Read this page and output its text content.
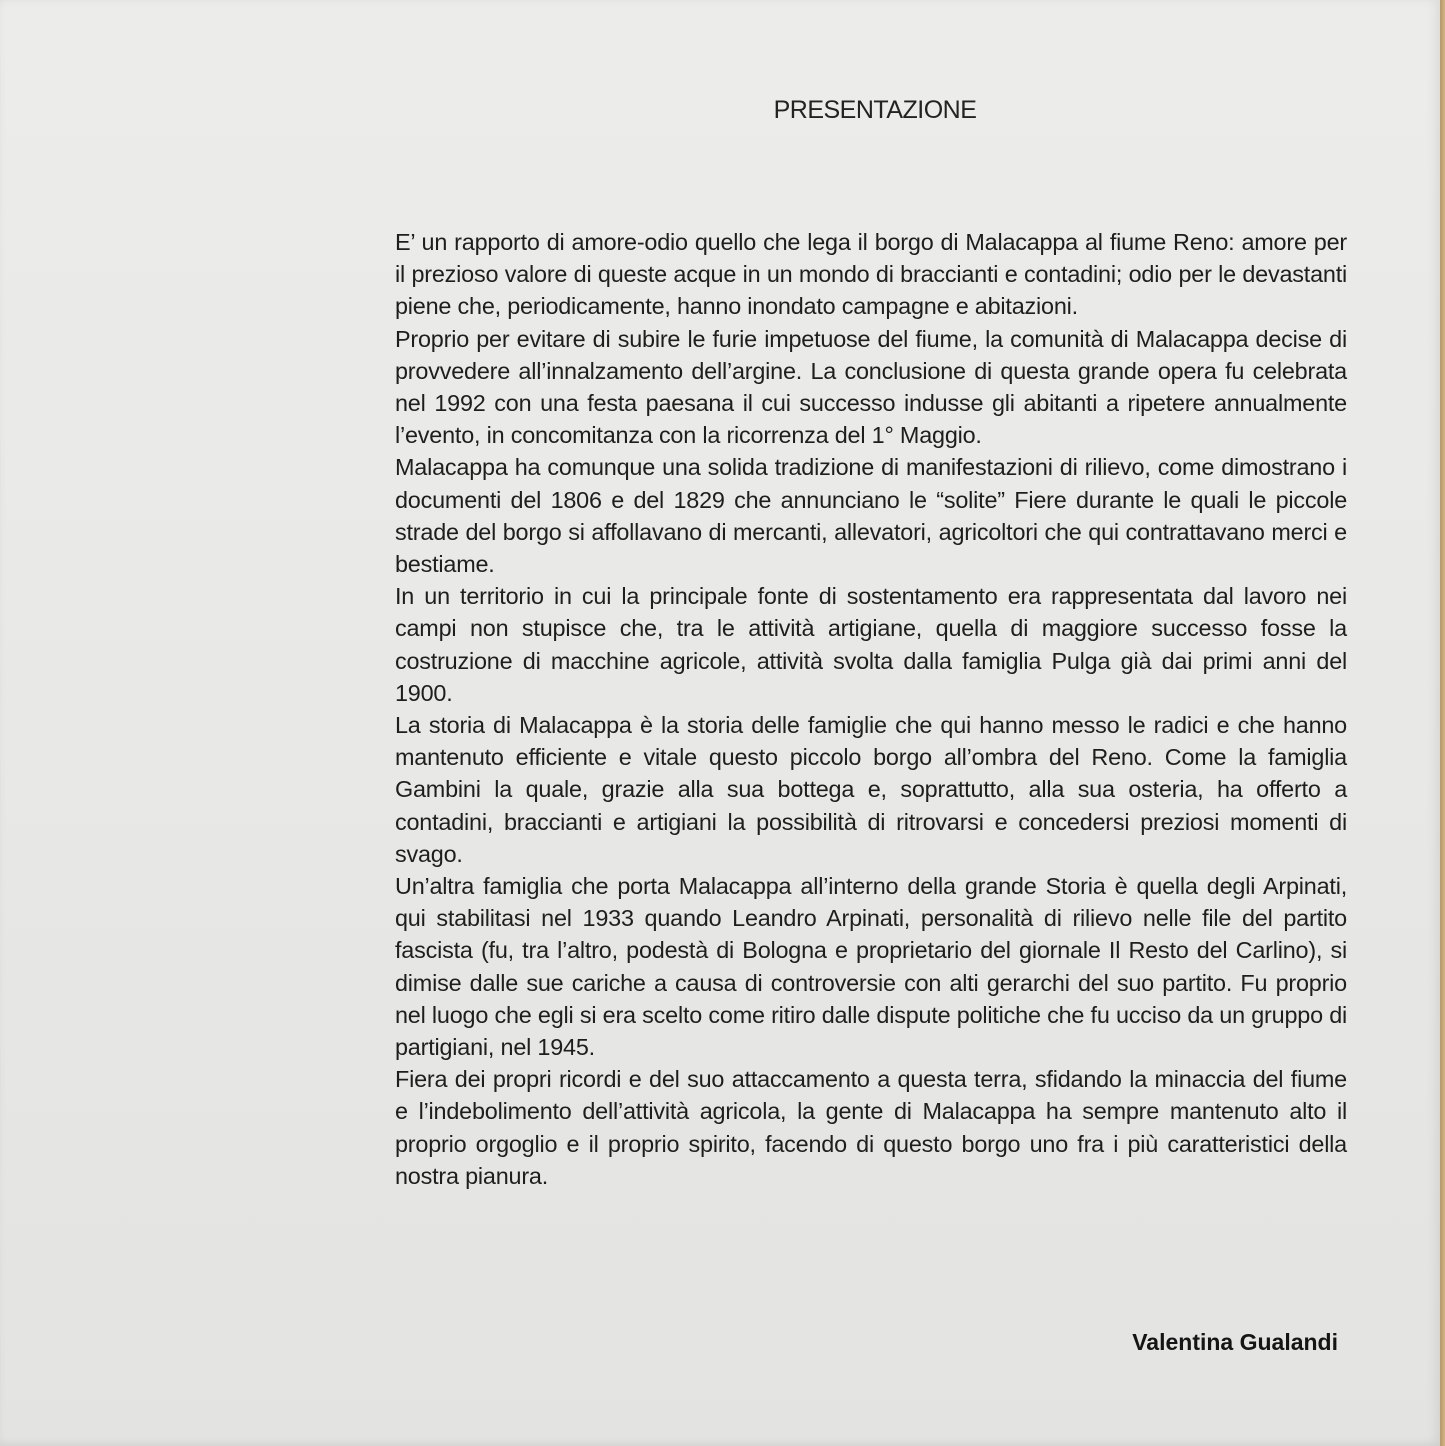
PRESENTAZIONE

E’ un rapporto di amore-odio quello che lega il borgo di Malacappa al fiume Reno: amore per il prezioso valore di queste acque in un mondo di braccianti e contadini; odio per le devastanti piene che, periodicamente, hanno inondato campagne e abitazioni.

Proprio per evitare di subire le furie impetuose del fiume, la comunità di Malacappa decise di provvedere all’innalzamento dell’argine. La conclusione di questa grande opera fu celebrata nel 1992 con una festa paesana il cui successo indusse gli abitanti a ripetere annualmente l’evento, in concomitanza con la ricorrenza del 1° Maggio.

Malacappa ha comunque una solida tradizione di manifestazioni di rilievo, come dimostrano i documenti del 1806 e del 1829 che annunciano le “solite” Fiere durante le quali le piccole strade del borgo si affollavano di mercanti, allevatori, agricoltori che qui contrattavano merci e bestiame.

In un territorio in cui la principale fonte di sostentamento era rappresentata dal lavoro nei campi non stupisce che, tra le attività artigiane, quella di maggiore successo fosse la costruzione di macchine agricole, attività svolta dalla famiglia Pulga già dai primi anni del 1900.

La storia di Malacappa è la storia delle famiglie che qui hanno messo le radici e che hanno mantenuto efficiente e vitale questo piccolo borgo all’ombra del Reno. Come la famiglia Gambini la quale, grazie alla sua bottega e, soprattutto, alla sua osteria, ha offerto a contadini, braccianti e artigiani la possibilità di ritrovarsi e concedersi preziosi momenti di svago.

Un’altra famiglia che porta Malacappa all’interno della grande Storia è quella degli Arpinati, qui stabilitasi nel 1933 quando Leandro Arpinati, personalità di rilievo nelle file del partito fascista (fu, tra l’altro, podestà di Bologna e proprietario del giornale Il Resto del Carlino), si dimise dalle sue cariche a causa di controversie con alti gerarchi del suo partito. Fu proprio nel luogo che egli si era scelto come ritiro dalle dispute politiche che fu ucciso da un gruppo di partigiani, nel 1945.

Fiera dei propri ricordi e del suo attaccamento a questa terra, sfidando la minaccia del fiume e l’indebolimento dell’attività agricola, la gente di Malacappa ha sempre mantenuto alto il proprio orgoglio e il proprio spirito, facendo di questo borgo uno fra i più caratteristici della nostra pianura.

Valentina Gualandi
